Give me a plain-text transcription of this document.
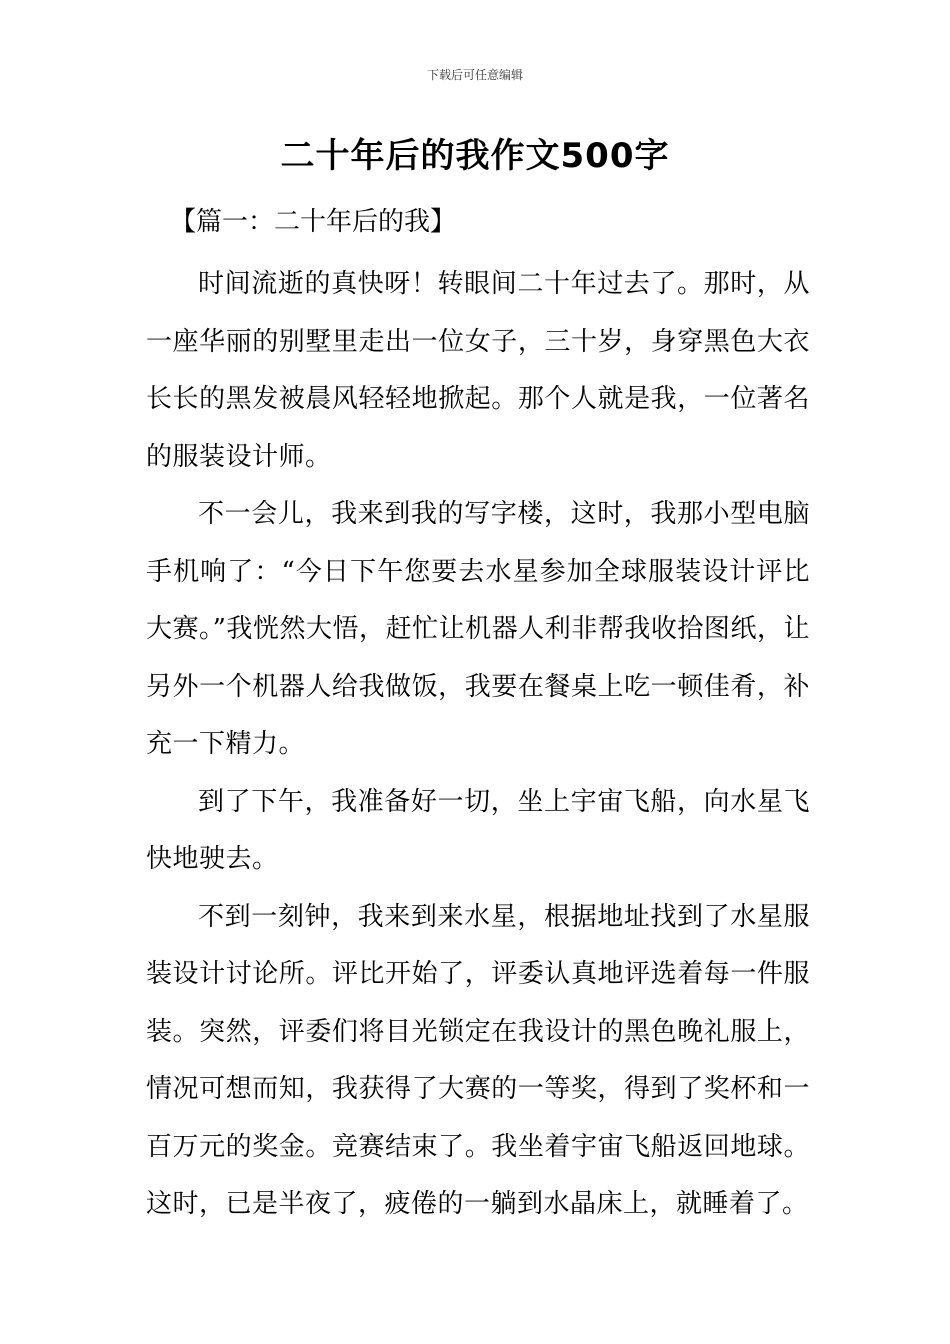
下载后可任意编辑
二十年后的我作文500字
【篇一：二十年后的我】

时间流逝的真快呀！转眼间二十年过去了。那时，从一座华丽的别墅里走出一位女子，三十岁，身穿黑色大衣长长的黑发被晨风轻轻地掀起。那个人就是我，一位著名的服装设计师。

不一会儿，我来到我的写字楼，这时，我那小型电脑手机响了：“今日下午您要去水星参加全球服装设计评比大赛。”我恍然大悟，赶忙让机器人利非帮我收拾图纸，让另外一个机器人给我做饭，我要在餐桌上吃一顿佳肴，补充一下精力。

到了下午，我准备好一切，坐上宇宙飞船，向水星飞快地驶去。

不到一刻钟，我来到来水星，根据地址找到了水星服装设计讨论所。评比开始了，评委认真地评选着每一件服装。突然，评委们将目光锁定在我设计的黑色晚礼服上，情况可想而知，我获得了大赛的一等奖，得到了奖杯和一百万元的奖金。竞赛结束了。我坐着宇宙飞船返回地球。这时，已是半夜了，疲倦的一躺到水晶床上，就睡着了。
